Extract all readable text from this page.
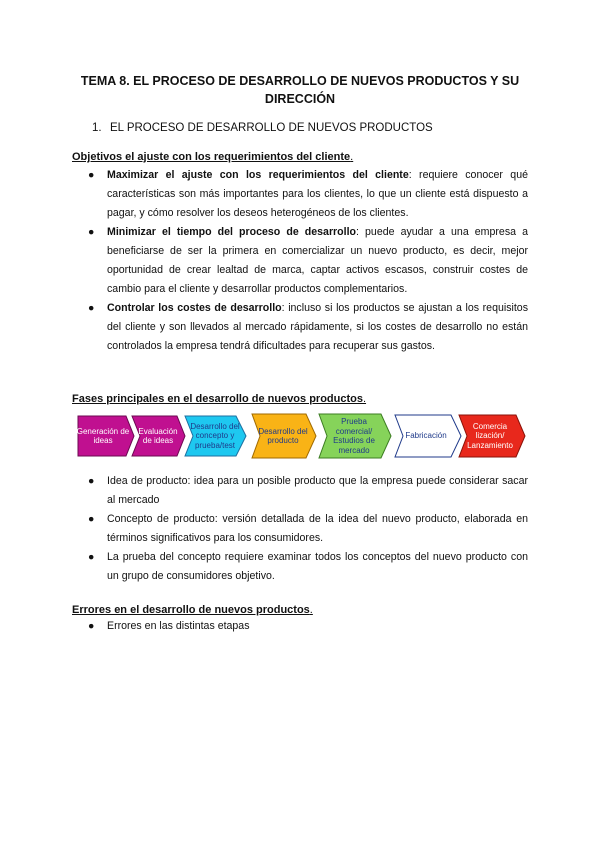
TEMA 8. EL PROCESO DE DESARROLLO DE NUEVOS PRODUCTOS Y SU
DIRECCIÓN
1. EL PROCESO DE DESARROLLO DE NUEVOS PRODUCTOS
Objetivos el ajuste con los requerimientos del cliente.
● Maximizar el ajuste con los requerimientos del cliente: requiere conocer qué características son más importantes para los clientes, lo que un cliente está dispuesto a pagar, y cómo resolver los deseos heterogéneos de los clientes.
● Minimizar el tiempo del proceso de desarrollo: puede ayudar a una empresa a beneficiarse de ser la primera en comercializar un nuevo producto, es decir, mejor oportunidad de crear lealtad de marca, captar activos escasos, construir costes de cambio para el cliente y desarrollar productos complementarios.
● Controlar los costes de desarrollo: incluso si los productos se ajustan a los requisitos del cliente y son llevados al mercado rápidamente, si los costes de desarrollo no están controlados la empresa tendrá dificultades para recuperar sus gastos.
Fases principales en el desarrollo de nuevos productos.
Generación de ideas
Evaluación de ideas
Desarrollo del concepto y prueba/test
Desarrollo del producto
Prueba comercial/ Estudios de mercado
Fabricación
Comercia lización/ Lanzamiento
● Idea de producto: idea para un posible producto que la empresa puede considerar sacar al mercado
● Concepto de producto: versión detallada de la idea del nuevo producto, elaborada en términos significativos para los consumidores.
● La prueba del concepto requiere examinar todos los conceptos del nuevo producto con un grupo de consumidores objetivo.
Errores en el desarrollo de nuevos productos.
● Errores en las distintas etapas
